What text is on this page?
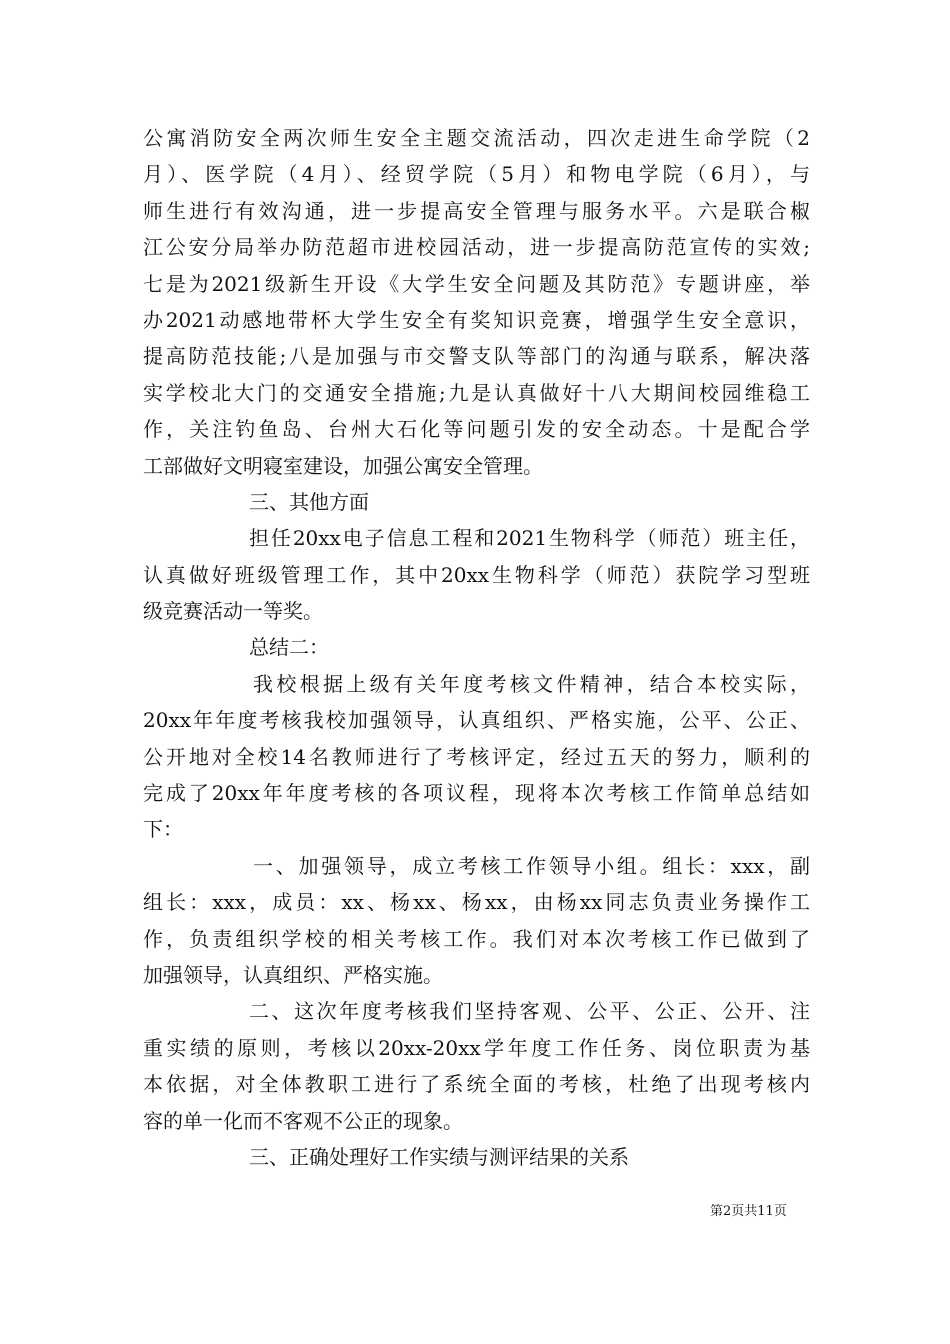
公寓消防安全两次师生安全主题交流活动，四次走进生命学院（2
月）、医学院（4月）、经贸学院（5月）和物电学院（6月），与
师生进行有效沟通，进一步提高安全管理与服务水平。六是联合椒
江公安分局举办防范超市进校园活动，进一步提高防范宣传的实效;
七是为2021级新生开设《大学生安全问题及其防范》专题讲座，举
办2021动感地带杯大学生安全有奖知识竞赛，增强学生安全意识，
提高防范技能;八是加强与市交警支队等部门的沟通与联系，解决落
实学校北大门的交通安全措施;九是认真做好十八大期间校园维稳工
作，关注钓鱼岛、台州大石化等问题引发的安全动态。十是配合学
工部做好文明寝室建设，加强公寓安全管理。
三、其他方面
担任20xx电子信息工程和2021生物科学（师范）班主任，
认真做好班级管理工作，其中20xx生物科学（师范）获院学习型班
级竞赛活动一等奖。
总结二：
我校根据上级有关年度考核文件精神，结合本校实际，
20xx年年度考核我校加强领导，认真组织、严格实施，公平、公正、
公开地对全校14名教师进行了考核评定，经过五天的努力，顺利的
完成了20xx年年度考核的各项议程，现将本次考核工作简单总结如
下：
一、加强领导，成立考核工作领导小组。组长：xxx，副
组长：xxx，成员：xx、杨xx、杨xx，由杨xx同志负责业务操作工
作，负责组织学校的相关考核工作。我们对本次考核工作已做到了
加强领导，认真组织、严格实施。
二、这次年度考核我们坚持客观、公平、公正、公开、注
重实绩的原则，考核以20xx-20xx学年度工作任务、岗位职责为基
本依据，对全体教职工进行了系统全面的考核，杜绝了出现考核内
容的单一化而不客观不公正的现象。
三、正确处理好工作实绩与测评结果的关系
第2页共11页
